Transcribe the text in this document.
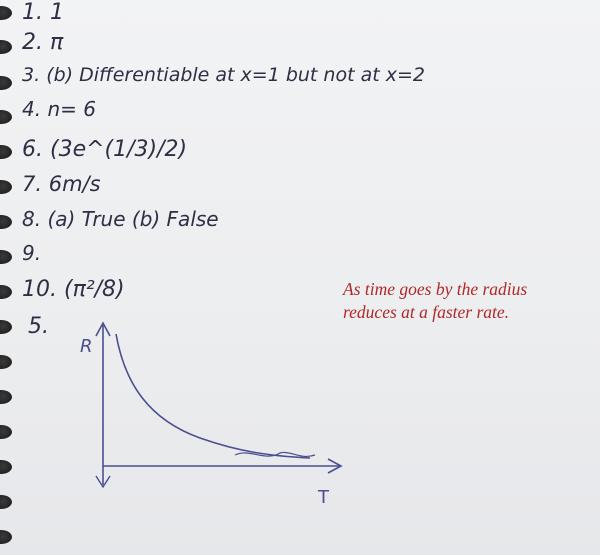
1. 1
2. π
3. (b) Differentiable at x=1 but not at x=2
4. n= 6
6. (3e^(1/3)/2)
7. 6m/s
8. (a) True (b) False
9.
10. (π²/8)
5.
R
T
As time goes by the radius
reduces at a faster rate.
